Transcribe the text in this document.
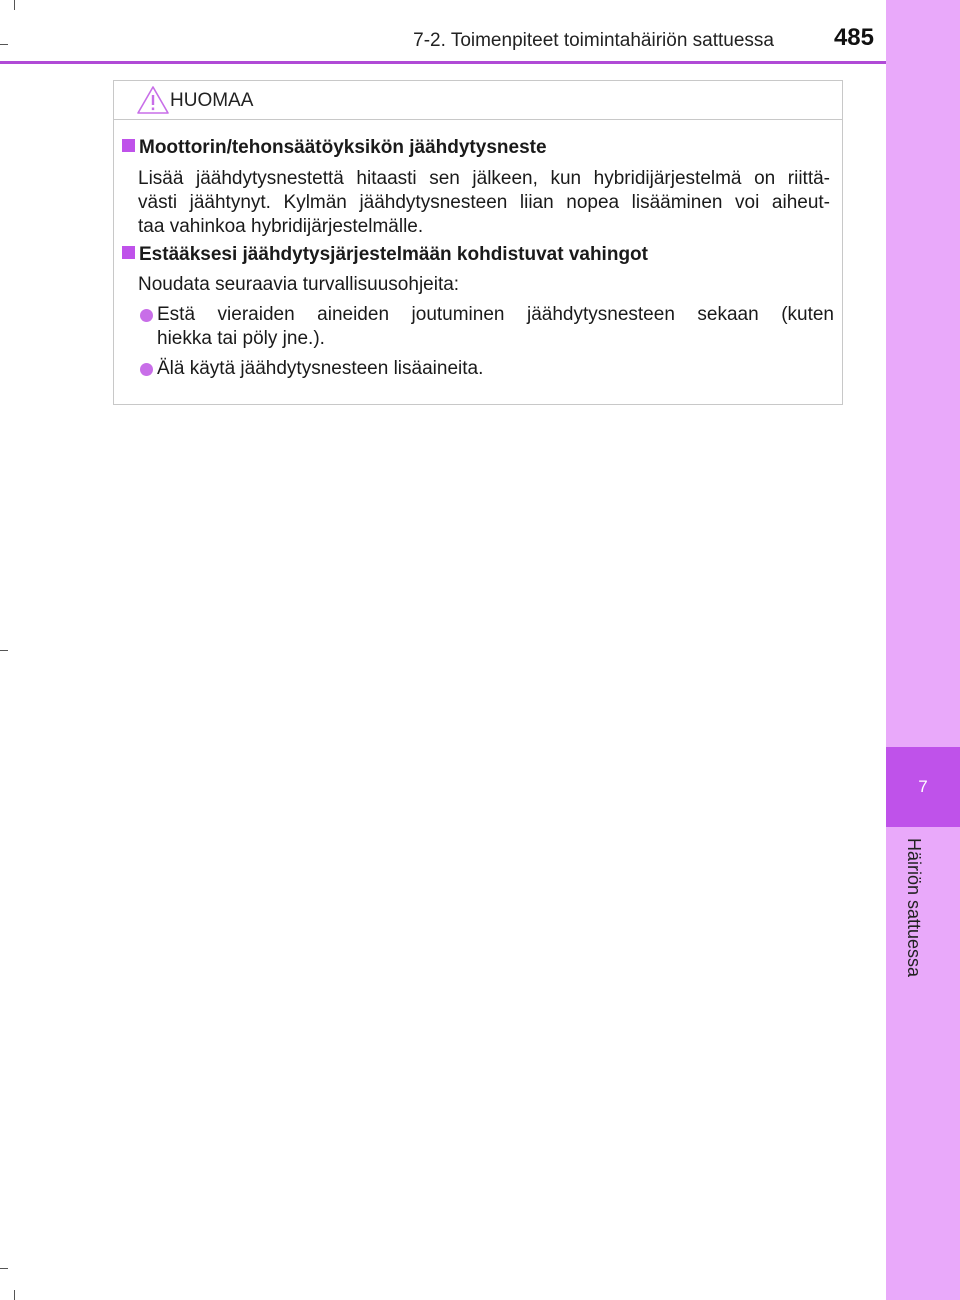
7-2. Toimenpiteet toimintahäiriön sattuessa	485
7
Häiriön sattuessa
HUOMAA
Moottorin/tehonsäätöyksikön jäähdytysneste
Lisää jäähdytysnestettä hitaasti sen jälkeen, kun hybridijärjestelmä on riittä-
västi jäähtynyt. Kylmän jäähdytysnesteen liian nopea lisääminen voi aiheut-
taa vahinkoa hybridijärjestelmälle.
Estääksesi jäähdytysjärjestelmään kohdistuvat vahingot
Noudata seuraavia turvallisuusohjeita:
Estä vieraiden aineiden joutuminen jäähdytysnesteen sekaan (kuten
hiekka tai pöly jne.).
Älä käytä jäähdytysnesteen lisäaineita.
